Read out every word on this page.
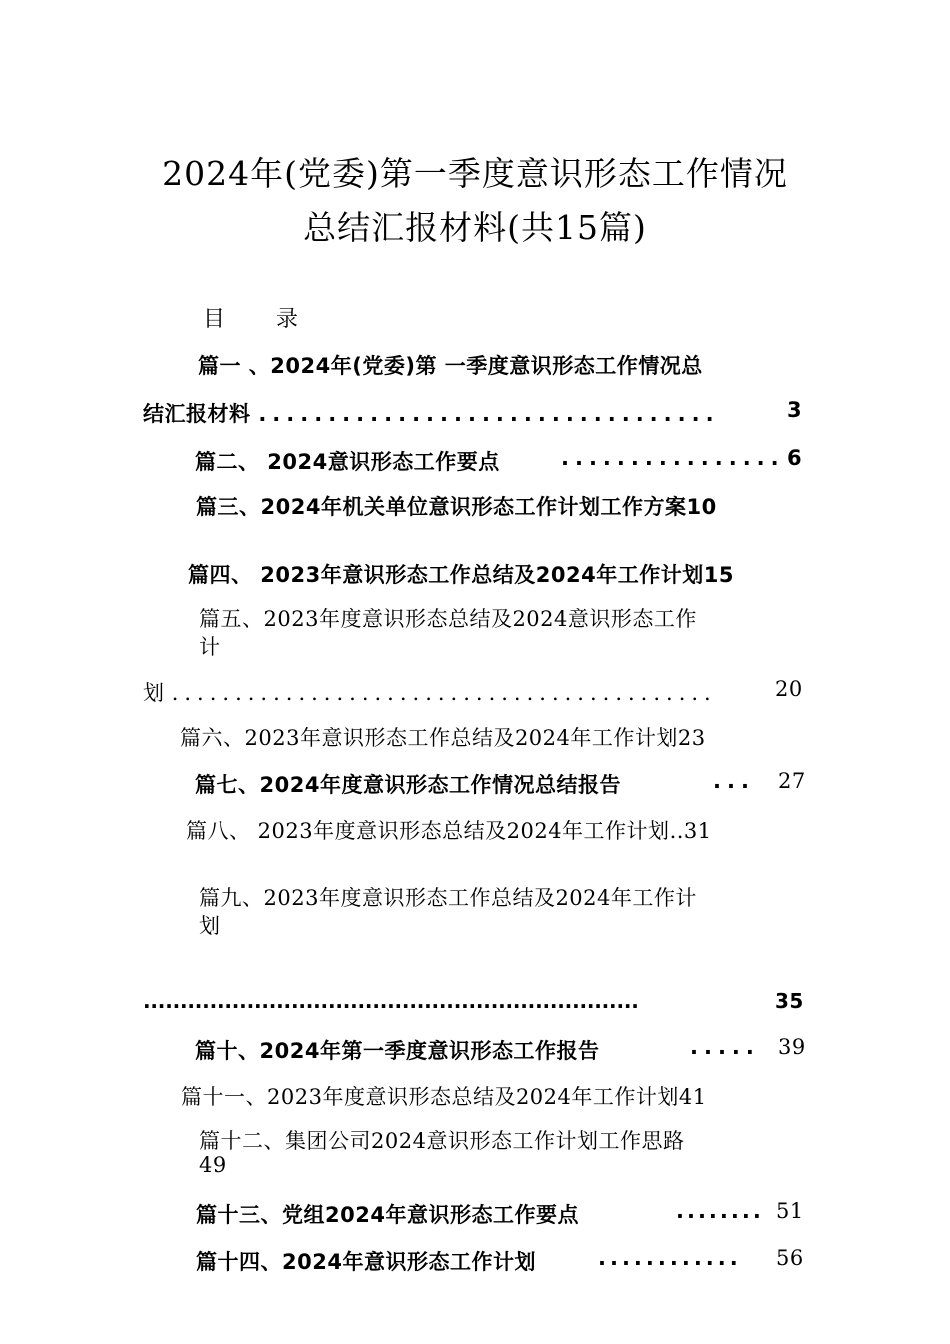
2024年(党委)第一季度意识形态工作情况
总结汇报材料(共15篇)
目 录
篇一 、2024年(党委)第 一季度意识形态工作情况总
结汇报材料 .................................	3
篇二、 2024意识形态工作要点	................ 6
篇三、2024年机关单位意识形态工作计划工作方案10
篇四、 2023年意识形态工作总结及2024年工作计划15
篇五、2023年度意识形态总结及2024意识形态工作
计
划 ...........................................	20
篇六、2023年意识形态工作总结及2024年工作计划23
篇七、2024年度意识形态工作情况总结报告	... 27
篇八、 2023年度意识形态总结及2024年工作计划..31
篇九、2023年度意识形态工作总结及2024年工作计
划
...................................................................	35
篇十、2024年第一季度意识形态工作报告	..... 39
篇十一、2023年度意识形态总结及2024年工作计划41
篇十二、集团公司2024意识形态工作计划工作思路
49
篇十三、党组2024年意识形态工作要点	........ 51
篇十四、2024年意识形态工作计划	............ 56
